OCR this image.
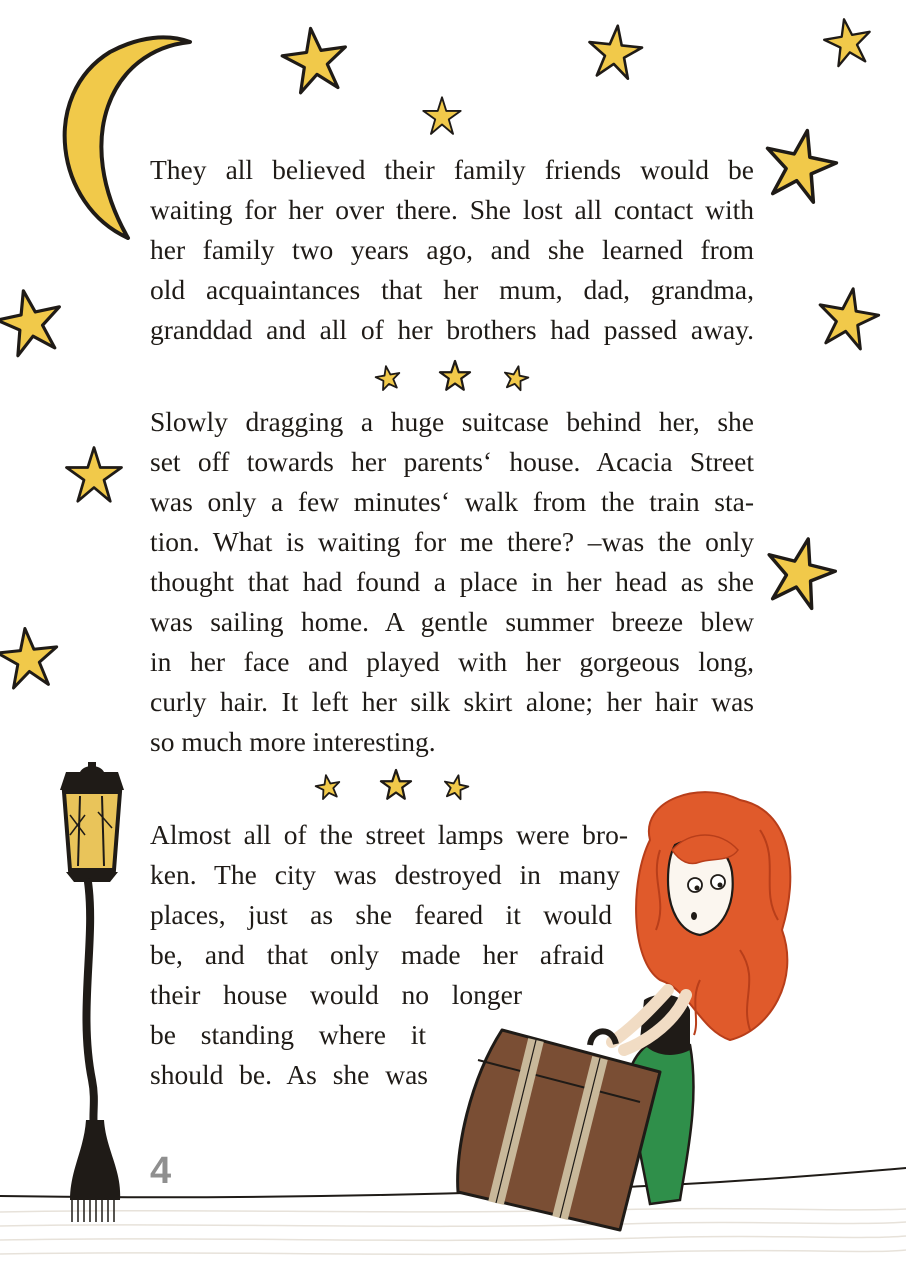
They all believed their family friends would be
waiting for her over there. She lost all contact with
her family two years ago, and she learned from
old acquaintances that her mum, dad, grandma,
granddad and all of her brothers had passed away.
Slowly dragging a huge suitcase behind her, she
set off towards her parents‘ house. Acacia Street
was only a few minutes‘ walk from the train sta-
tion. What is waiting for me there? –was the only
thought that had found a place in her head as she
was sailing home. A gentle summer breeze blew
in her face and played with her gorgeous long,
curly hair. It left her silk skirt alone; her hair was
so much more interesting.
Almost all of the street lamps were bro-
ken. The city was destroyed in many
places, just as she feared it would
be, and that only made her afraid
their house would no longer
be standing where it
should be. As she was
4
